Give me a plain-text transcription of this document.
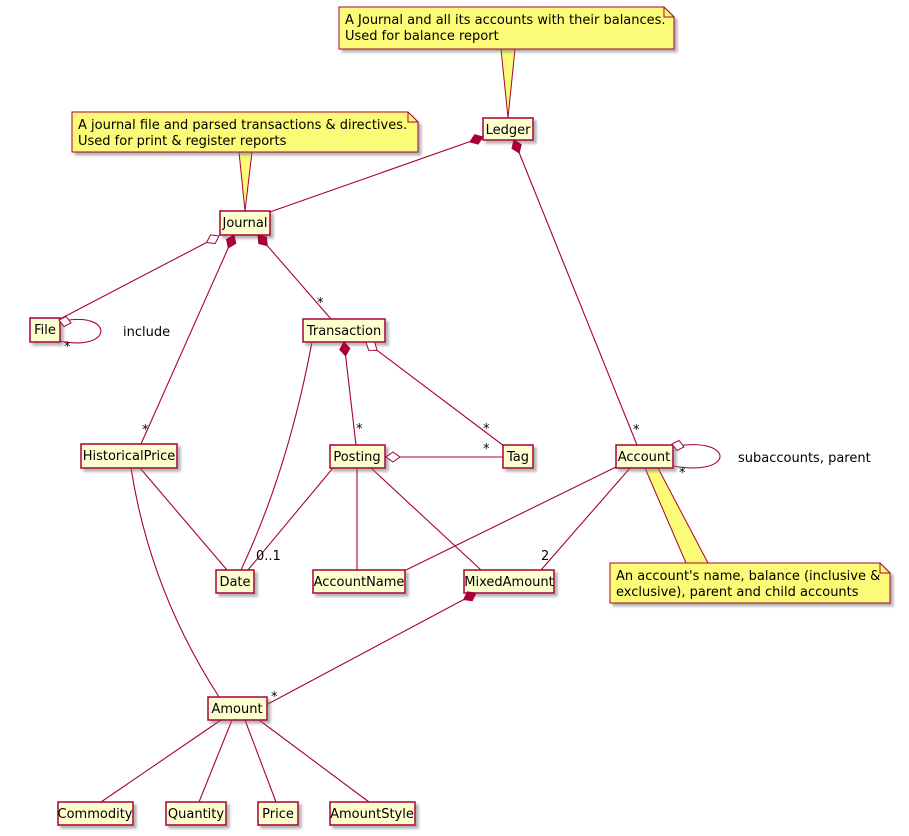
A Journal and all its accounts with their balances.
Used for balance report
A journal file and parsed transactions & directives.
Used for print & register reports
An account's name, balance (inclusive &
exclusive), parent and child accounts
Ledger
Journal
File	Transaction
HistoricalPrice	Posting	Tag	Account
Date	AccountName	MixedAmount
Amount
Commodity	Quantity	Price	AmountStyle
*
*
*
*	*
*
*
*
*
0..1	2
include
subaccounts, parent
